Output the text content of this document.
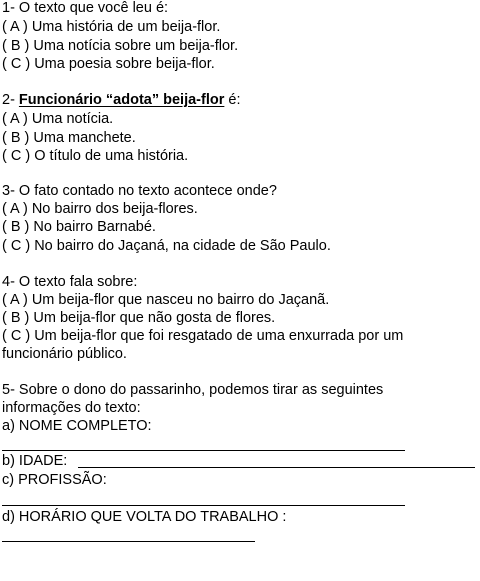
1- O texto que você leu é:
( A ) Uma história de um beija-flor.
( B ) Uma notícia sobre um beija-flor.
( C ) Uma poesia sobre beija-flor.
2- Funcionário “adota” beija-flor é:
( A ) Uma notícia.
( B ) Uma manchete.
( C ) O título de uma história.
3- O fato contado no texto acontece onde?
( A ) No bairro dos beija-flores.
( B ) No bairro Barnabé.
( C ) No bairro do Jaçaná, na cidade de São Paulo.
4- O texto fala sobre:
( A ) Um beija-flor que nasceu no bairro do Jaçanã.
( B ) Um beija-flor que não gosta de flores.
( C ) Um beija-flor que foi resgatado de uma enxurrada por um
funcionário público.
5- Sobre o dono do passarinho, podemos tirar as seguintes
informações do texto:
a) NOME COMPLETO:
b) IDADE:
c) PROFISSÃO:
d) HORÁRIO QUE VOLTA DO TRABALHO :
